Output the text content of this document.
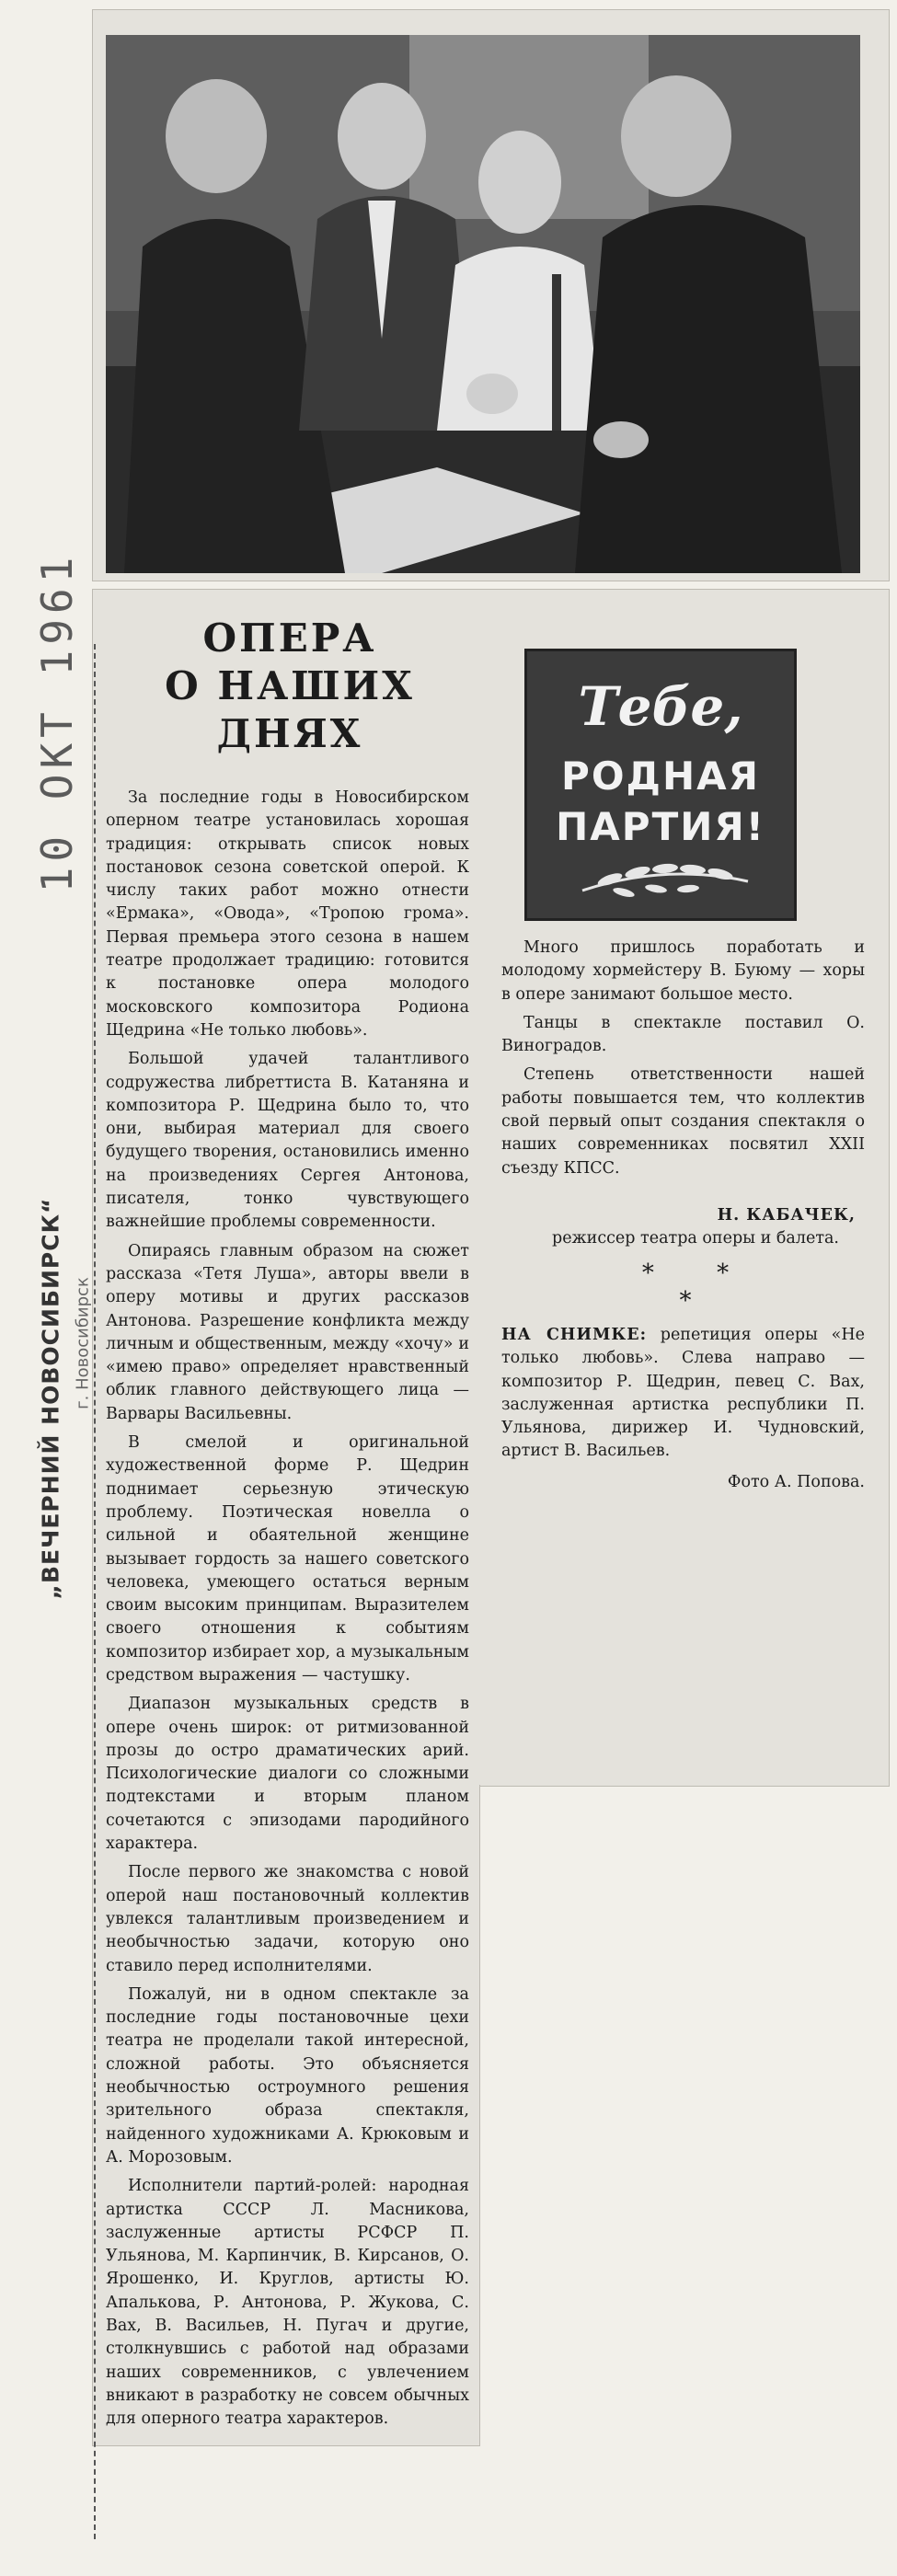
10 ОКТ 1961
„ВЕЧЕРНИЙ НОВОСИБИРСК“ г. Новосибирск
ОПЕРА
О НАШИХ
ДНЯХ	Тебе,
РОДНАЯ
ПАРТИЯ!

За последние годы в Новосибирском оперном театре установилась хорошая традиция: открывать список новых постановок сезона советской оперой. К числу таких работ можно отнести «Ермака», «Овода», «Тропою грома». Первая премьера этого сезона в нашем театре продолжает традицию: готовится к постановке опера молодого московского композитора Родиона Щедрина «Не только любовь».

Большой удачей талантливого содружества либреттиста В. Катаняна и композитора Р. Щедрина было то, что они, выбирая материал для своего будущего творения, остановились именно на произведениях Сергея Антонова, писателя, тонко чувствующего важнейшие проблемы современности.

Опираясь главным образом на сюжет рассказа «Тетя Луша», авторы ввели в оперу мотивы и других рассказов Антонова. Разрешение конфликта между личным и общественным, между «хочу» и «имею право» определяет нравственный облик главного действующего лица — Варвары Васильевны.

В смелой и оригинальной художественной форме Р. Щедрин поднимает серьезную этическую проблему. Поэтическая новелла о сильной и обаятельной женщине вызывает гордость за нашего советского человека, умеющего остаться верным своим высоким принципам. Выразителем своего отношения к событиям композитор избирает хор, а музыкальным средством выражения — частушку.

Диапазон музыкальных средств в опере очень широк: от ритмизованной прозы до остро драматических арий. Психологические диалоги со сложными подтекстами и вторым планом сочетаются с эпизодами пародийного характера.

После первого же знакомства с новой оперой наш постановочный коллектив увлекся талантливым произведением и необычностью задачи, которую оно ставило перед исполнителями.

Пожалуй, ни в одном спектакле за последние годы постановочные цехи театра не проделали такой интересной, сложной работы. Это объясняется необычностью остроумного решения зрительного образа спектакля, найденного художниками А. Крюковым и А. Морозовым.

Исполнители партий-ролей: народная артистка СССР Л. Масникова, заслуженные артисты РСФСР П. Ульянова, М. Карпинчик, В. Кирсанов, О. Ярошенко, И. Круглов, артисты Ю. Апалькова, Р. Антонова, Р. Жукова, С. Вах, В. Васильев, Н. Пугач и другие, столкнувшись с работой над образами наших современников, с увлечением вникают в разработку не совсем обычных для оперного театра характеров.

Много пришлось поработать и молодому хормейстеру В. Буюму — хоры в опере занимают большое место.

Танцы в спектакле поставил О. Виноградов.

Степень ответственности нашей работы повышается тем, что коллектив свой первый опыт создания спектакля о наших современниках посвятил XXII съезду КПСС.

Н. КАБАЧЕК,
режиссер театра оперы и балета.
* * *
НА СНИМКЕ: репетиция оперы «Не только любовь». Слева направо — композитор Р. Щедрин, певец С. Вах, заслуженная артистка республики П. Ульянова, дирижер И. Чудновский, артист В. Васильев.
Фото А. Попова.
